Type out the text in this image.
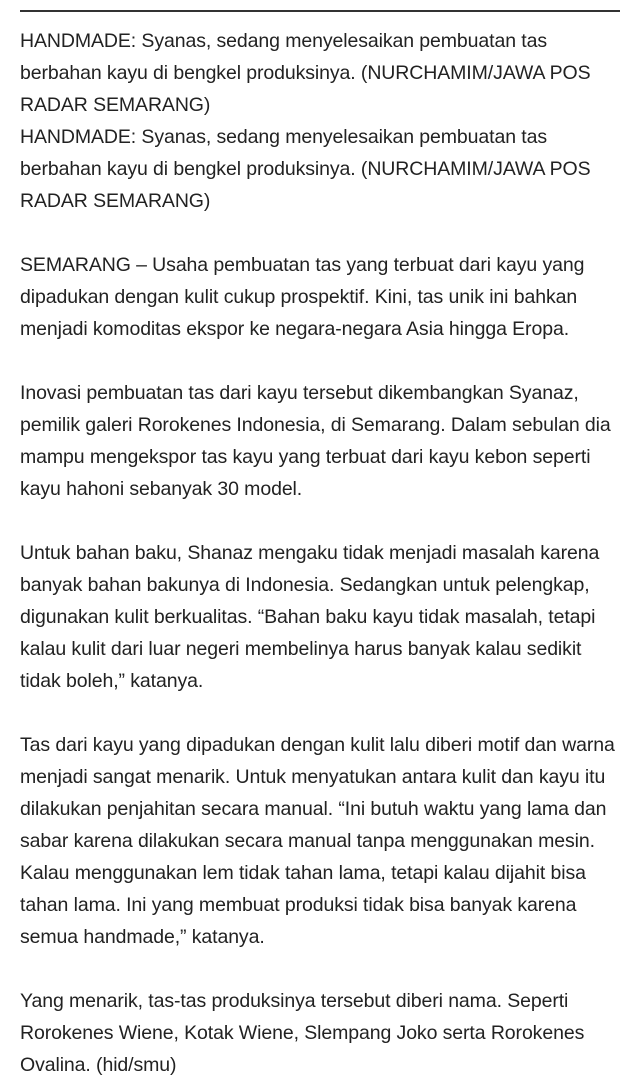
HANDMADE: Syanas, sedang menyelesaikan pembuatan tas berbahan kayu di bengkel produksinya. (NURCHAMIM/JAWA POS RADAR SEMARANG)

HANDMADE: Syanas, sedang menyelesaikan pembuatan tas berbahan kayu di bengkel produksinya. (NURCHAMIM/JAWA POS RADAR SEMARANG)

SEMARANG – Usaha pembuatan tas yang terbuat dari kayu yang dipadukan dengan kulit cukup prospektif. Kini, tas unik ini bahkan menjadi komoditas ekspor ke negara-negara Asia hingga Eropa.

Inovasi pembuatan tas dari kayu tersebut dikembangkan Syanaz, pemilik galeri Rorokenes Indonesia, di Semarang. Dalam sebulan dia mampu mengekspor tas kayu yang terbuat dari kayu kebon seperti kayu hahoni sebanyak 30 model.

Untuk bahan baku, Shanaz mengaku tidak menjadi masalah karena banyak bahan bakunya di Indonesia. Sedangkan untuk pelengkap, digunakan kulit berkualitas. “Bahan baku kayu tidak masalah, tetapi kalau kulit dari luar negeri membelinya harus banyak kalau sedikit tidak boleh,” katanya.

Tas dari kayu yang dipadukan dengan kulit lalu diberi motif dan warna menjadi sangat menarik. Untuk menyatukan antara kulit dan kayu itu dilakukan penjahitan secara manual. “Ini butuh waktu yang lama dan sabar karena dilakukan secara manual tanpa menggunakan mesin. Kalau menggunakan lem tidak tahan lama, tetapi kalau dijahit bisa tahan lama. Ini yang membuat produksi tidak bisa banyak karena semua handmade,” katanya.

Yang menarik, tas-tas produksinya tersebut diberi nama. Seperti Rorokenes Wiene, Kotak Wiene, Slempang Joko serta Rorokenes Ovalina. (hid/smu)
